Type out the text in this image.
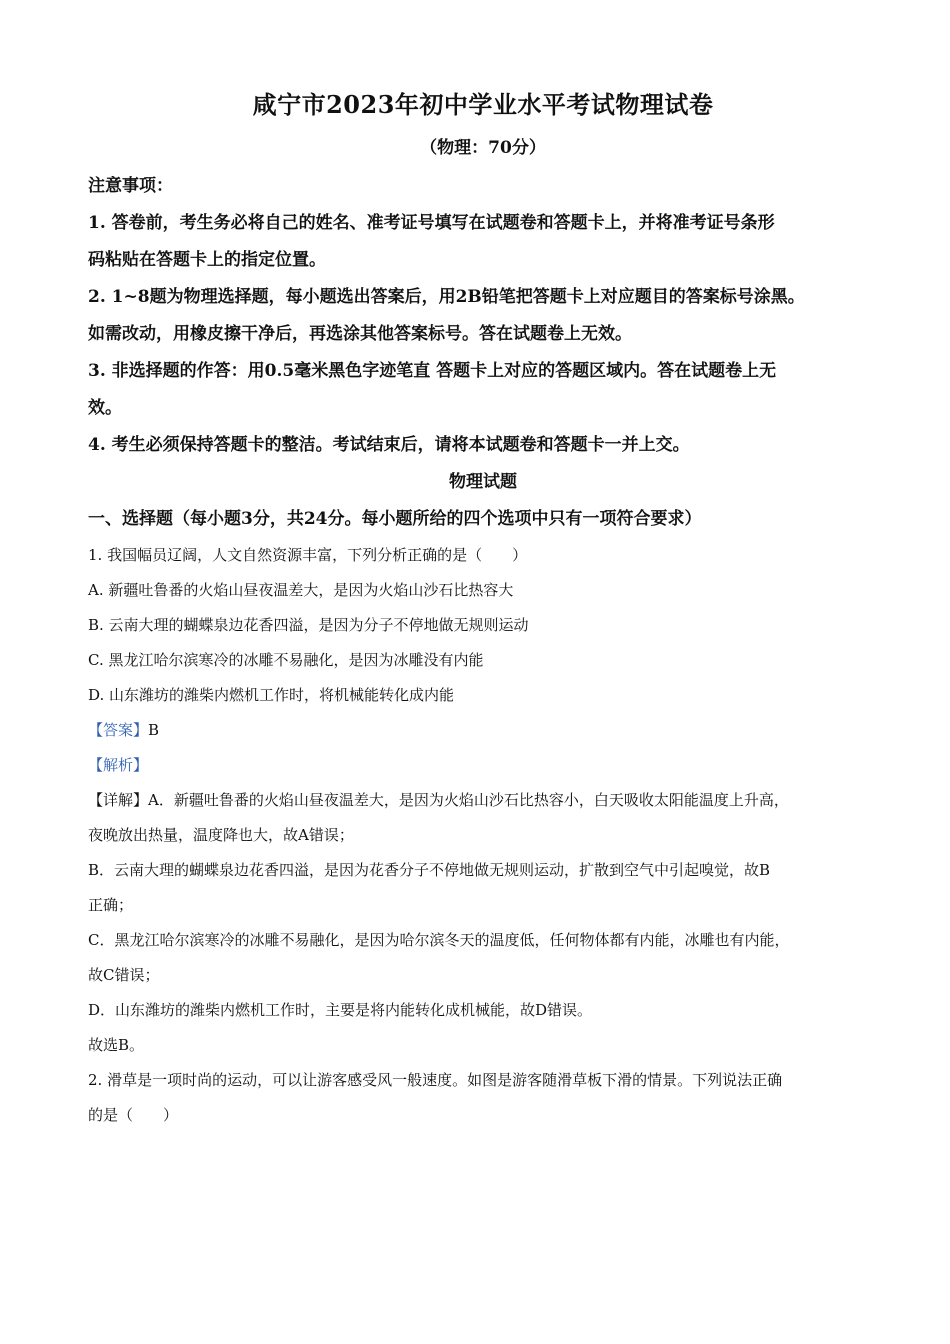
咸宁市2023年初中学业水平考试物理试卷

（物理：70分）

注意事项：

1. 答卷前，考生务必将自己的姓名、准考证号填写在试题卷和答题卡上，并将准考证号条形

码粘贴在答题卡上的指定位置。

2. 1~8题为物理选择题，每小题选出答案后，用2B铅笔把答题卡上对应题目的答案标号涂黑。

如需改动，用橡皮擦干净后，再选涂其他答案标号。答在试题卷上无效。

3. 非选择题的作答：用0.5毫米黑色字迹笔直 答题卡上对应的答题区域内。答在试题卷上无

效。

4. 考生必须保持答题卡的整洁。考试结束后，请将本试题卷和答题卡一并上交。

物理试题

一、选择题（每小题3分，共24分。每小题所给的四个选项中只有一项符合要求）

1. 我国幅员辽阔，人文自然资源丰富，下列分析正确的是（　　）

A. 新疆吐鲁番的火焰山昼夜温差大，是因为火焰山沙石比热容大

B. 云南大理的蝴蝶泉边花香四溢，是因为分子不停地做无规则运动

C. 黑龙江哈尔滨寒冷的冰雕不易融化，是因为冰雕没有内能

D. 山东潍坊的潍柴内燃机工作时，将机械能转化成内能

【答案】B

【解析】

【详解】A．新疆吐鲁番的火焰山昼夜温差大，是因为火焰山沙石比热容小，白天吸收太阳能温度上升高，

夜晚放出热量，温度降也大，故A错误；

B．云南大理的蝴蝶泉边花香四溢，是因为花香分子不停地做无规则运动，扩散到空气中引起嗅觉，故B

正确；

C．黑龙江哈尔滨寒冷的冰雕不易融化，是因为哈尔滨冬天的温度低，任何物体都有内能，冰雕也有内能，

故C错误；

D．山东潍坊的潍柴内燃机工作时，主要是将内能转化成机械能，故D错误。

故选B。

2. 滑草是一项时尚的运动，可以让游客感受风一般速度。如图是游客随滑草板下滑的情景。下列说法正确

的是（　　）
